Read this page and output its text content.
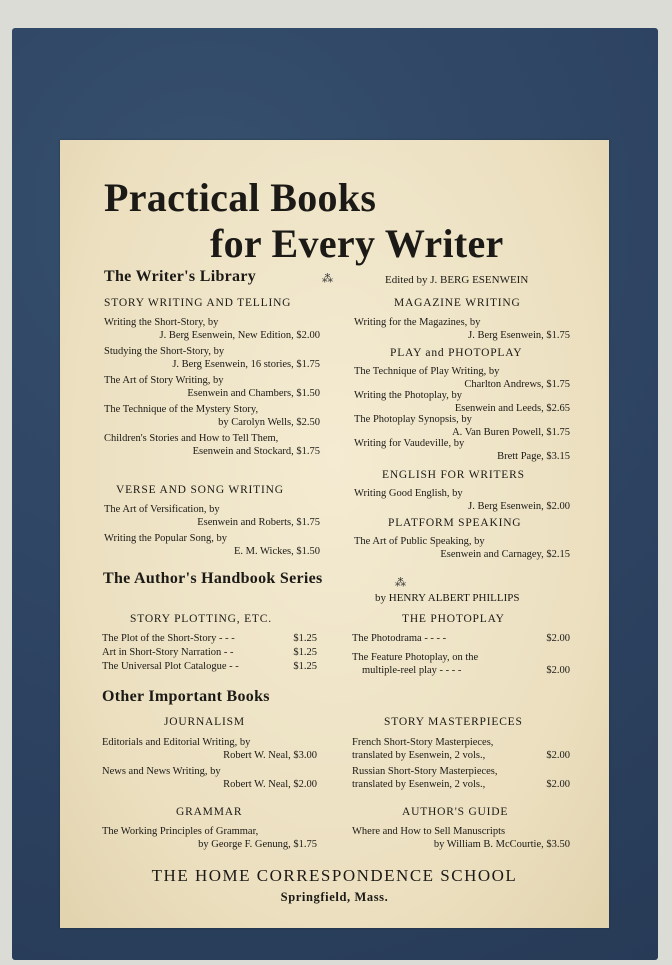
Practical Books
for Every Writer
The Writer's Library	⁂	Edited by J. BERG ESENWEIN
STORY WRITING AND TELLING
Writing the Short-Story, by
J. Berg Esenwein, New Edition, $2.00
Studying the Short-Story, by
J. Berg Esenwein, 16 stories, $1.75
The Art of Story Writing, by
Esenwein and Chambers, $1.50
The Technique of the Mystery Story,
by Carolyn Wells, $2.50
Children's Stories and How to Tell Them,
Esenwein and Stockard, $1.75
VERSE AND SONG WRITING
The Art of Versification, by
Esenwein and Roberts, $1.75
Writing the Popular Song, by
E. M. Wickes, $1.50
MAGAZINE WRITING
Writing for the Magazines, by
J. Berg Esenwein, $1.75
PLAY and PHOTOPLAY
The Technique of Play Writing, by
Charlton Andrews, $1.75
Writing the Photoplay, by
Esenwein and Leeds, $2.65
The Photoplay Synopsis, by
A. Van Buren Powell, $1.75
Writing for Vaudeville, by
Brett Page, $3.15
ENGLISH FOR WRITERS
Writing Good English, by
J. Berg Esenwein, $2.00
PLATFORM SPEAKING
The Art of Public Speaking, by
Esenwein and Carnagey, $2.15
The Author's Handbook Series	⁂
by HENRY ALBERT PHILLIPS
STORY PLOTTING, ETC.
The Plot of the Short-Story - - -	$1.25
Art in Short-Story Narration - -	$1.25
The Universal Plot Catalogue - -	$1.25
THE PHOTOPLAY
The Photodrama - - - -	$2.00
The Feature Photoplay, on the
multiple-reel play - - - -	$2.00
Other Important Books
JOURNALISM
Editorials and Editorial Writing, by
Robert W. Neal, $3.00
News and News Writing, by
Robert W. Neal, $2.00
STORY MASTERPIECES
French Short-Story Masterpieces,
translated by Esenwein, 2 vols.,	$2.00
Russian Short-Story Masterpieces,
translated by Esenwein, 2 vols.,	$2.00
GRAMMAR
The Working Principles of Grammar,
by George F. Genung, $1.75
AUTHOR'S GUIDE
Where and How to Sell Manuscripts
by William B. McCourtie, $3.50
THE HOME CORRESPONDENCE SCHOOL
Springfield, Mass.
